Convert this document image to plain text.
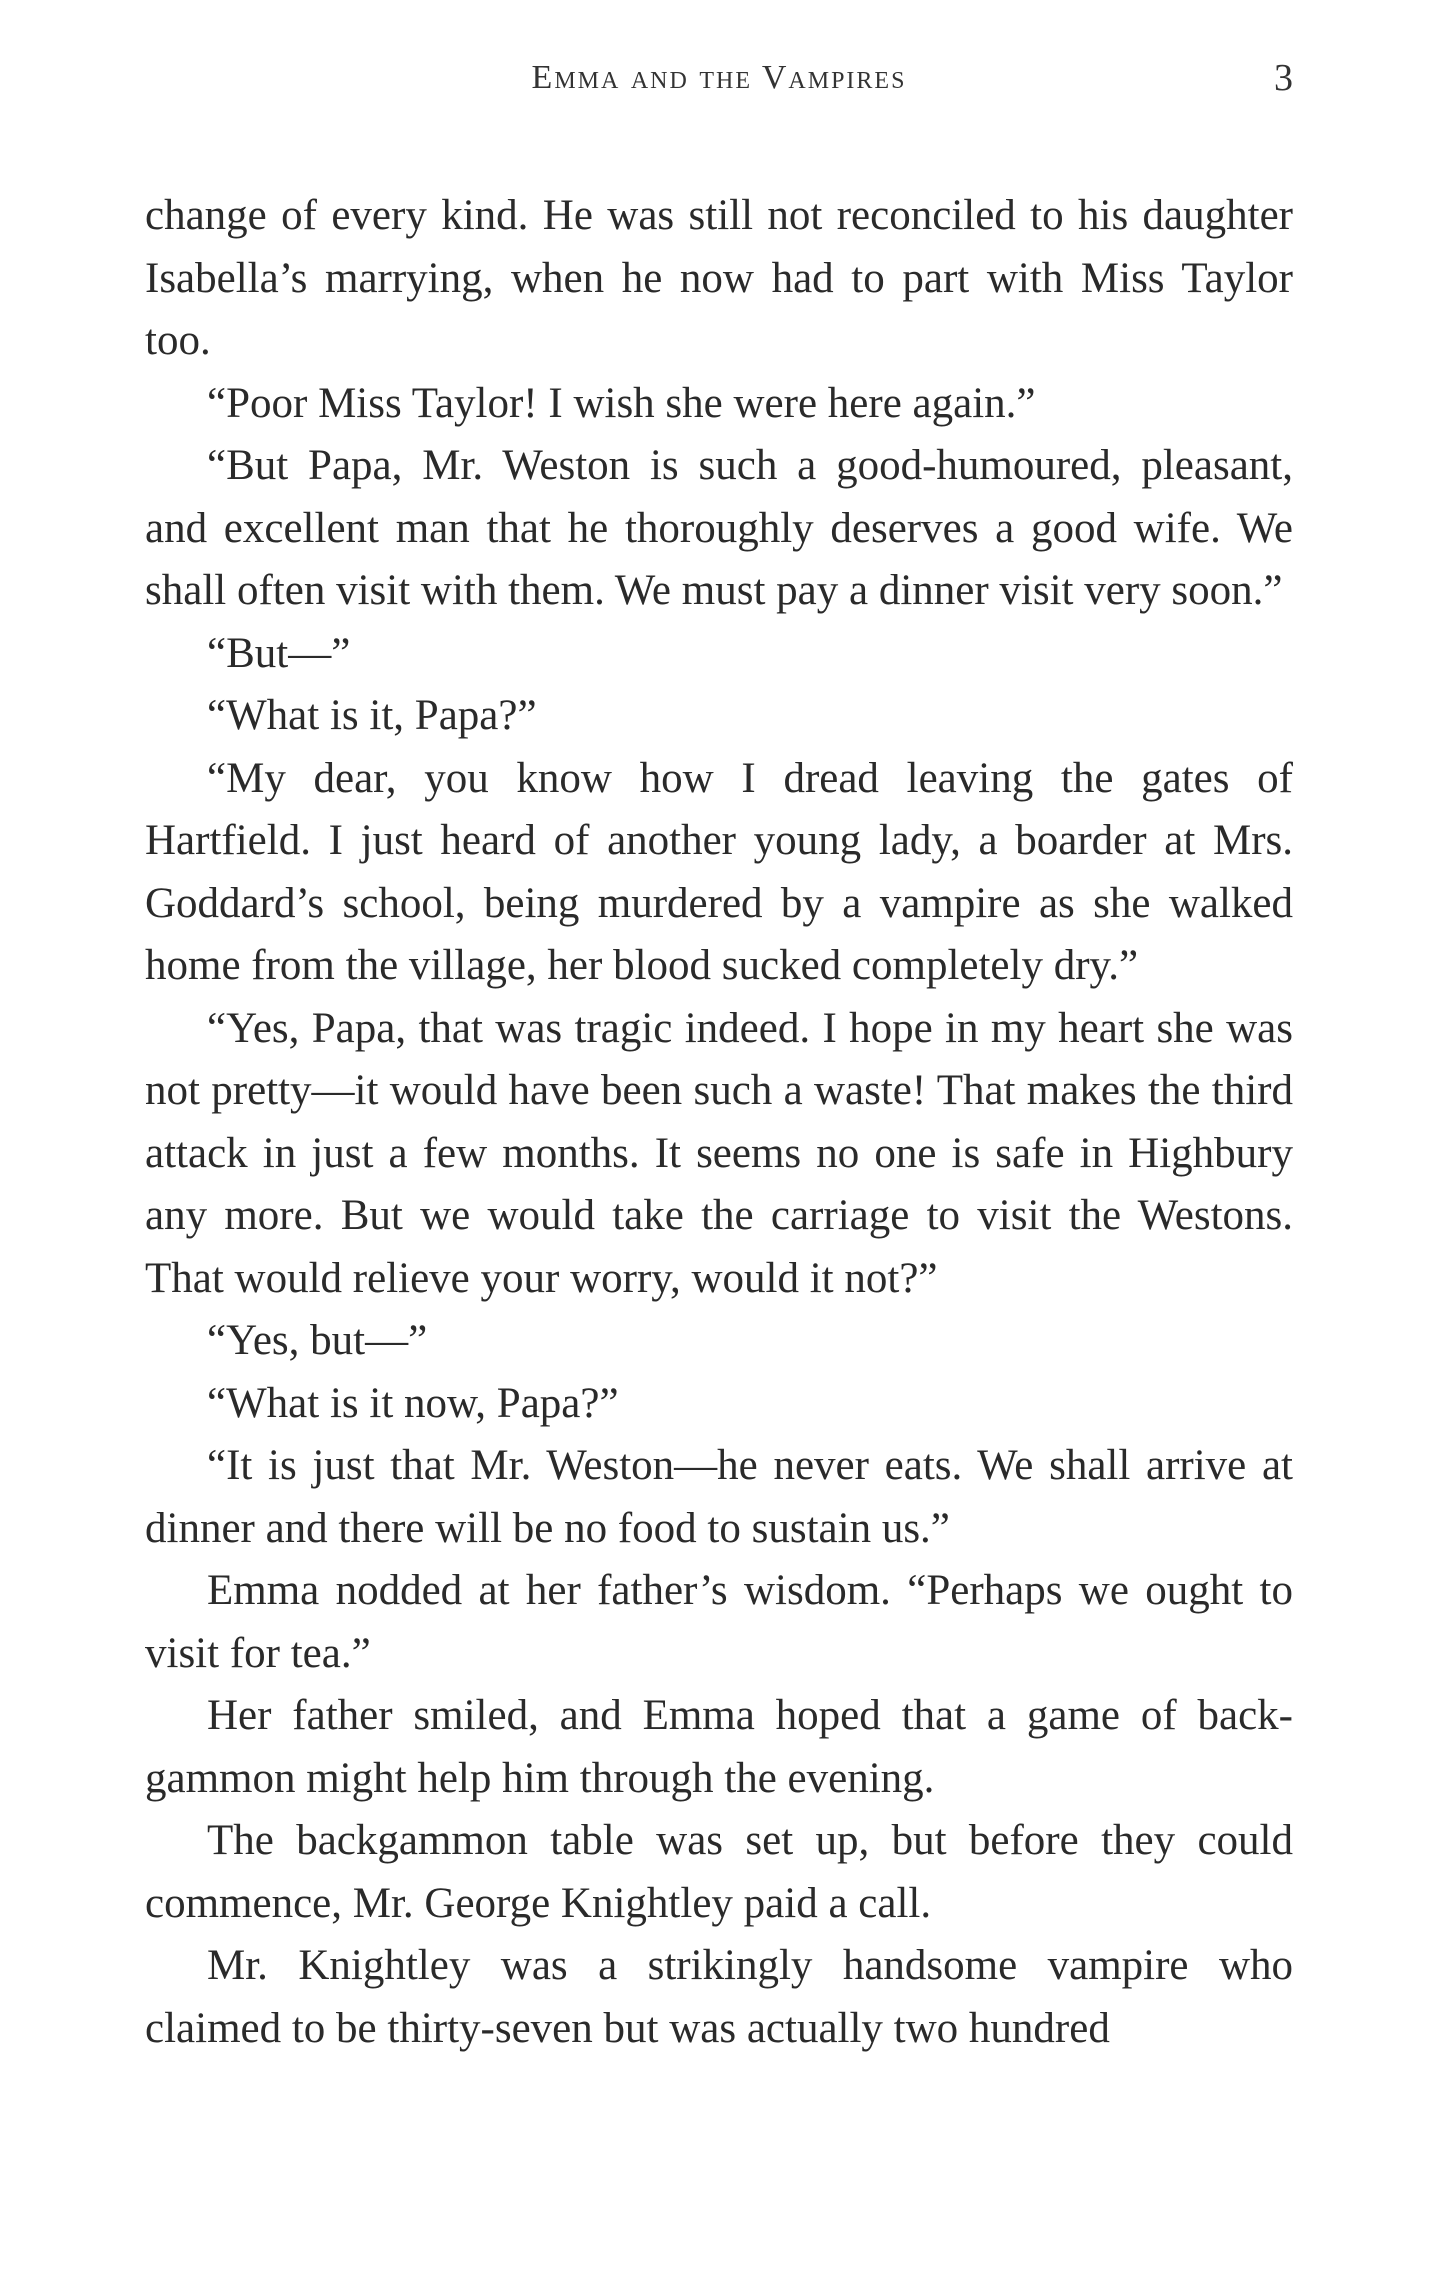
Emma and the Vampires	3

change of every kind. He was still not reconciled to his daughter Isabella’s marrying, when he now had to part with Miss Taylor too.

“Poor Miss Taylor! I wish she were here again.”

“But Papa, Mr. Weston is such a good-humoured, pleasant, and excellent man that he thoroughly deserves a good wife. We shall often visit with them. We must pay a dinner visit very soon.”

“But—”

“What is it, Papa?”

“My dear, you know how I dread leaving the gates of Hartfield. I just heard of another young lady, a boarder at Mrs. Goddard’s school, being murdered by a vampire as she walked home from the village, her blood sucked completely dry.”

“Yes, Papa, that was tragic indeed. I hope in my heart she was not pretty—it would have been such a waste! That makes the third attack in just a few months. It seems no one is safe in Highbury any more. But we would take the carriage to visit the Westons. That would relieve your worry, would it not?”

“Yes, but—”

“What is it now, Papa?”

“It is just that Mr. Weston—he never eats. We shall arrive at dinner and there will be no food to sustain us.”

Emma nodded at her father’s wisdom. “Perhaps we ought to visit for tea.”

Her father smiled, and Emma hoped that a game of backgammon might help him through the evening.

The backgammon table was set up, but before they could commence, Mr. George Knightley paid a call.

Mr. Knightley was a strikingly handsome vampire who claimed to be thirty-seven but was actually two hundred
